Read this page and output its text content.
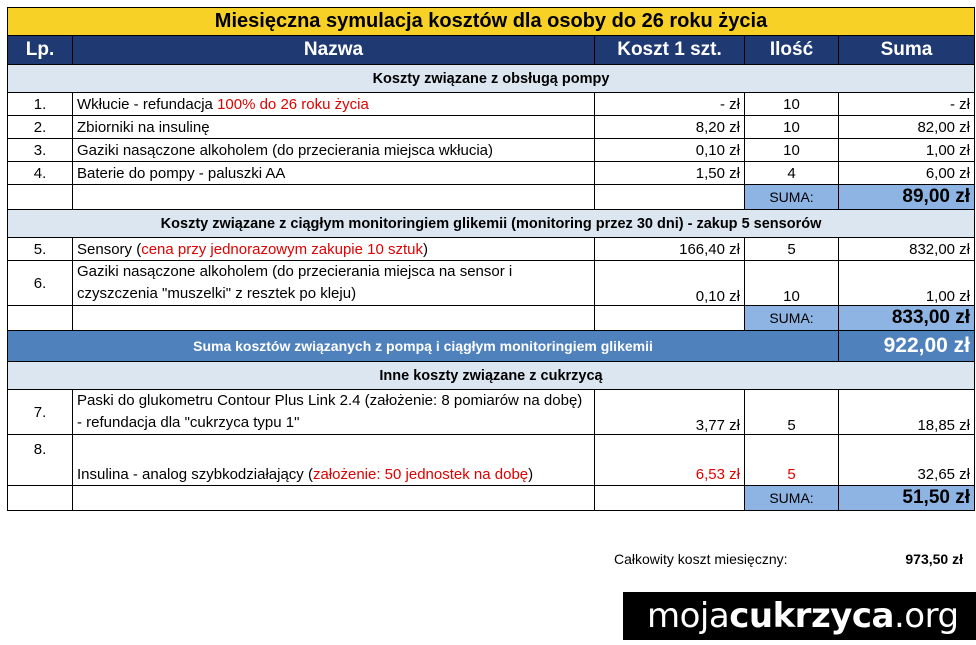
Miesięczna symulacja kosztów dla osoby do 26 roku życia				
Lp.	Nazwa	Koszt 1 szt.	Ilość	Suma
Koszty związane z obsługą pompy				
1.	Wkłucie - refundacja 100% do 26 roku życia	- zł	10	- zł
2.	Zbiorniki na insulinę	8,20 zł	10	82,00 zł
3.	Gaziki nasączone alkoholem (do przecierania miejsca wkłucia)	0,10 zł	10	1,00 zł
4.	Baterie do pompy - paluszki AA	1,50 zł	4	6,00 zł
			SUMA:	89,00 zł
Koszty związane z ciągłym monitoringiem glikemii (monitoring przez 30 dni) - zakup 5 sensorów				
5.	Sensory (cena przy jednorazowym zakupie 10 sztuk)	166,40 zł	5	832,00 zł
6.	Gaziki nasączone alkoholem (do przecierania miejsca na sensor i czyszczenia "muszelki" z resztek po kleju)	0,10 zł	10	1,00 zł
			SUMA:	833,00 zł
Suma kosztów związanych z pompą i ciągłym monitoringiem glikemii				922,00 zł
Inne koszty związane z cukrzycą				
7.	Paski do glukometru Contour Plus Link 2.4 (założenie: 8 pomiarów na dobę) - refundacja dla "cukrzyca typu 1"	3,77 zł	5	18,85 zł
8.	Insulina - analog szybkodziałający (założenie: 50 jednostek na dobę)	6,53 zł	5	32,65 zł
			SUMA:	51,50 zł
Całkowity koszt miesięczny:	973,50 zł
mojacukrzyca.org
